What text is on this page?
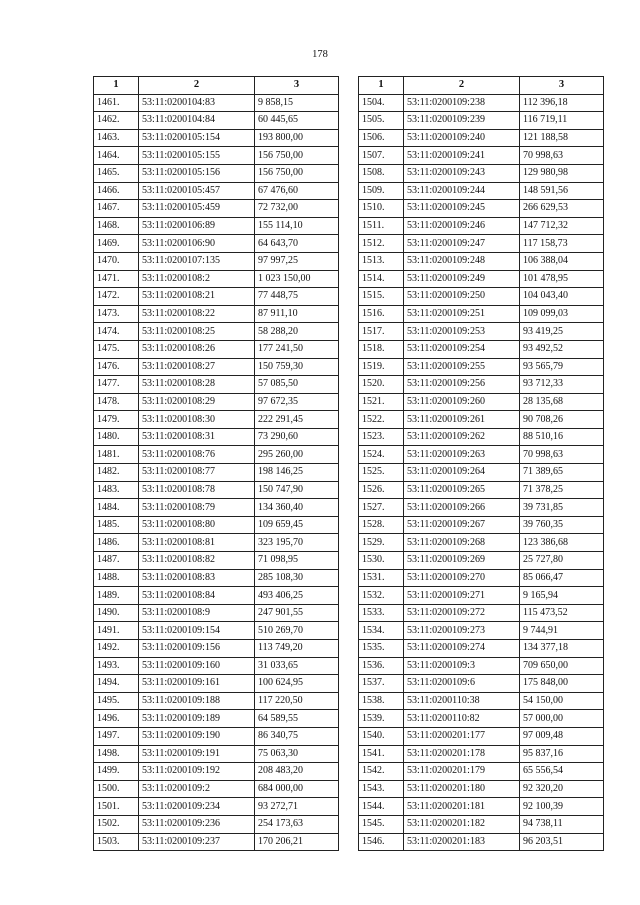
178
1	2	3
1461.	53:11:0200104:83	9 858,15
1462.	53:11:0200104:84	60 445,65
1463.	53:11:0200105:154	193 800,00
1464.	53:11:0200105:155	156 750,00
1465.	53:11:0200105:156	156 750,00
1466.	53:11:0200105:457	67 476,60
1467.	53:11:0200105:459	72 732,00
1468.	53:11:0200106:89	155 114,10
1469.	53:11:0200106:90	64 643,70
1470.	53:11:0200107:135	97 997,25
1471.	53:11:0200108:2	1 023 150,00
1472.	53:11:0200108:21	77 448,75
1473.	53:11:0200108:22	87 911,10
1474.	53:11:0200108:25	58 288,20
1475.	53:11:0200108:26	177 241,50
1476.	53:11:0200108:27	150 759,30
1477.	53:11:0200108:28	57 085,50
1478.	53:11:0200108:29	97 672,35
1479.	53:11:0200108:30	222 291,45
1480.	53:11:0200108:31	73 290,60
1481.	53:11:0200108:76	295 260,00
1482.	53:11:0200108:77	198 146,25
1483.	53:11:0200108:78	150 747,90
1484.	53:11:0200108:79	134 360,40
1485.	53:11:0200108:80	109 659,45
1486.	53:11:0200108:81	323 195,70
1487.	53:11:0200108:82	71 098,95
1488.	53:11:0200108:83	285 108,30
1489.	53:11:0200108:84	493 406,25
1490.	53:11:0200108:9	247 901,55
1491.	53:11:0200109:154	510 269,70
1492.	53:11:0200109:156	113 749,20
1493.	53:11:0200109:160	31 033,65
1494.	53:11:0200109:161	100 624,95
1495.	53:11:0200109:188	117 220,50
1496.	53:11:0200109:189	64 589,55
1497.	53:11:0200109:190	86 340,75
1498.	53:11:0200109:191	75 063,30
1499.	53:11:0200109:192	208 483,20
1500.	53:11:0200109:2	684 000,00
1501.	53:11:0200109:234	93 272,71
1502.	53:11:0200109:236	254 173,63
1503.	53:11:0200109:237	170 206,21
1	2	3
1504.	53:11:0200109:238	112 396,18
1505.	53:11:0200109:239	116 719,11
1506.	53:11:0200109:240	121 188,58
1507.	53:11:0200109:241	70 998,63
1508.	53:11:0200109:243	129 980,98
1509.	53:11:0200109:244	148 591,56
1510.	53:11:0200109:245	266 629,53
1511.	53:11:0200109:246	147 712,32
1512.	53:11:0200109:247	117 158,73
1513.	53:11:0200109:248	106 388,04
1514.	53:11:0200109:249	101 478,95
1515.	53:11:0200109:250	104 043,40
1516.	53:11:0200109:251	109 099,03
1517.	53:11:0200109:253	93 419,25
1518.	53:11:0200109:254	93 492,52
1519.	53:11:0200109:255	93 565,79
1520.	53:11:0200109:256	93 712,33
1521.	53:11:0200109:260	28 135,68
1522.	53:11:0200109:261	90 708,26
1523.	53:11:0200109:262	88 510,16
1524.	53:11:0200109:263	70 998,63
1525.	53:11:0200109:264	71 389,65
1526.	53:11:0200109:265	71 378,25
1527.	53:11:0200109:266	39 731,85
1528.	53:11:0200109:267	39 760,35
1529.	53:11:0200109:268	123 386,68
1530.	53:11:0200109:269	25 727,80
1531.	53:11:0200109:270	85 066,47
1532.	53:11:0200109:271	9 165,94
1533.	53:11:0200109:272	115 473,52
1534.	53:11:0200109:273	9 744,91
1535.	53:11:0200109:274	134 377,18
1536.	53:11:0200109:3	709 650,00
1537.	53:11:0200109:6	175 848,00
1538.	53:11:0200110:38	54 150,00
1539.	53:11:0200110:82	57 000,00
1540.	53:11:0200201:177	97 009,48
1541.	53:11:0200201:178	95 837,16
1542.	53:11:0200201:179	65 556,54
1543.	53:11:0200201:180	92 320,20
1544.	53:11:0200201:181	92 100,39
1545.	53:11:0200201:182	94 738,11
1546.	53:11:0200201:183	96 203,51
